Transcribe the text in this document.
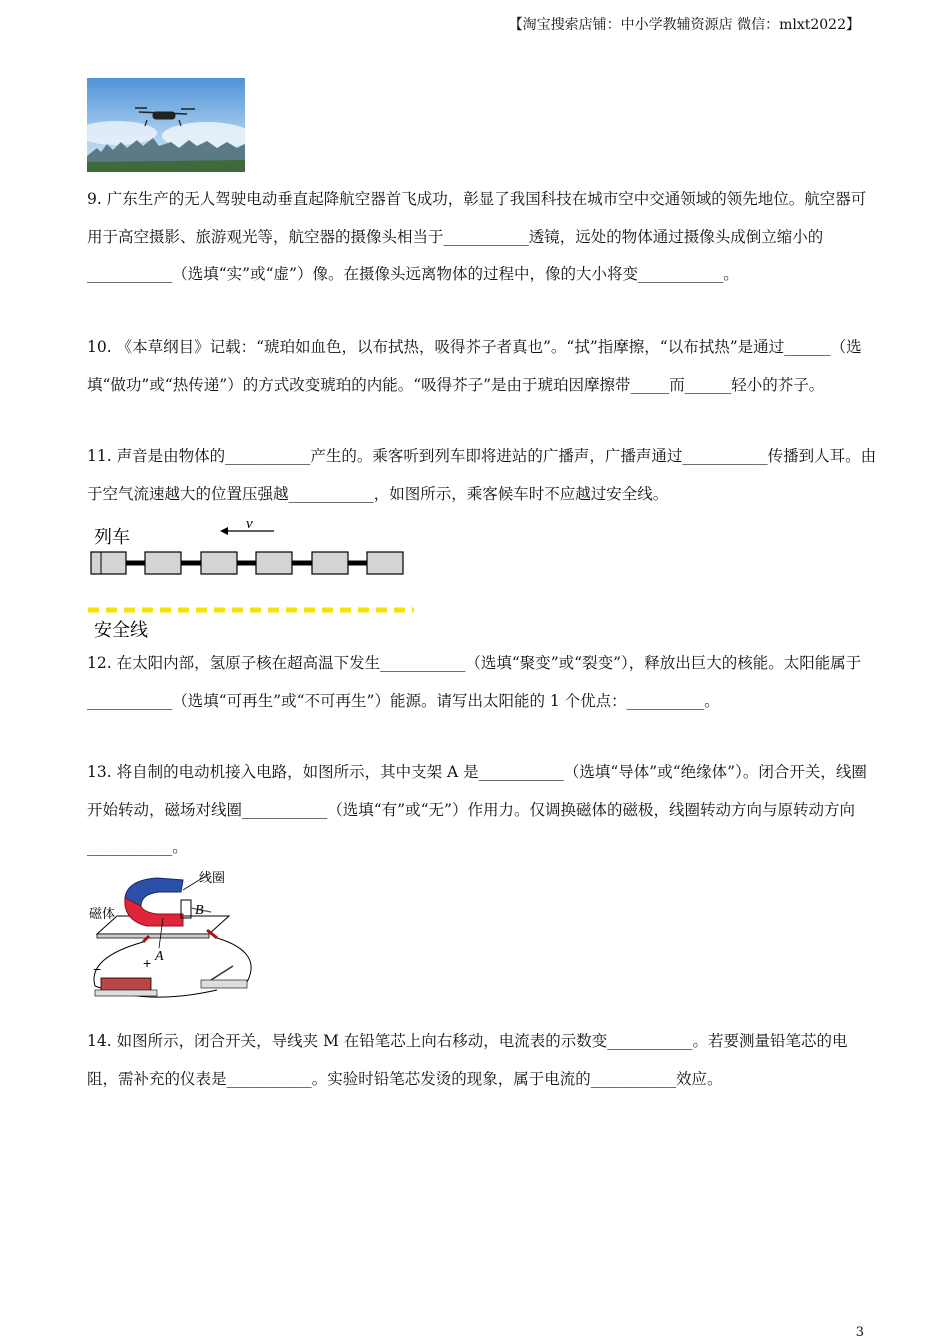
【淘宝搜索店铺：中小学教辅资源店 微信：mlxt2022】
9. 广东生产的无人驾驶电动垂直起降航空器首飞成功，彰显了我国科技在城市空中交通领域的领先地位。航空器可用于高空摄影、旅游观光等，航空器的摄像头相当于___________透镜，远处的物体通过摄像头成倒立缩小的___________（选填“实”或“虚”）像。在摄像头远离物体的过程中，像的大小将变___________。
10. 《本草纲目》记载：“琥珀如血色，以布拭热，吸得芥子者真也”。“拭”指摩擦，“以布拭热”是通过______（选填“做功”或“热传递”）的方式改变琥珀的内能。“吸得芥子”是由于琥珀因摩擦带_____而______轻小的芥子。
11. 声音是由物体的___________产生的。乘客听到列车即将进站的广播声，广播声通过___________传播到人耳。由于空气流速越大的位置压强越___________，如图所示，乘客候车时不应越过安全线。
列车
v
安全线
12. 在太阳内部，氢原子核在超高温下发生___________（选填“聚变”或“裂变”），释放出巨大的核能。太阳能属于___________（选填“可再生”或“不可再生”）能源。请写出太阳能的 1 个优点：__________。
13. 将自制的电动机接入电路，如图所示，其中支架 A 是___________（选填“导体”或“绝缘体”）。闭合开关，线圈开始转动，磁场对线圈___________（选填“有”或“无”）作用力。仅调换磁体的磁极，线圈转动方向与原转动方向___________。
线圈
磁体	B
A
−	+
14. 如图所示，闭合开关，导线夹 M 在铅笔芯上向右移动，电流表的示数变___________。若要测量铅笔芯的电阻，需补充的仪表是___________。实验时铅笔芯发烫的现象，属于电流的___________效应。
3
